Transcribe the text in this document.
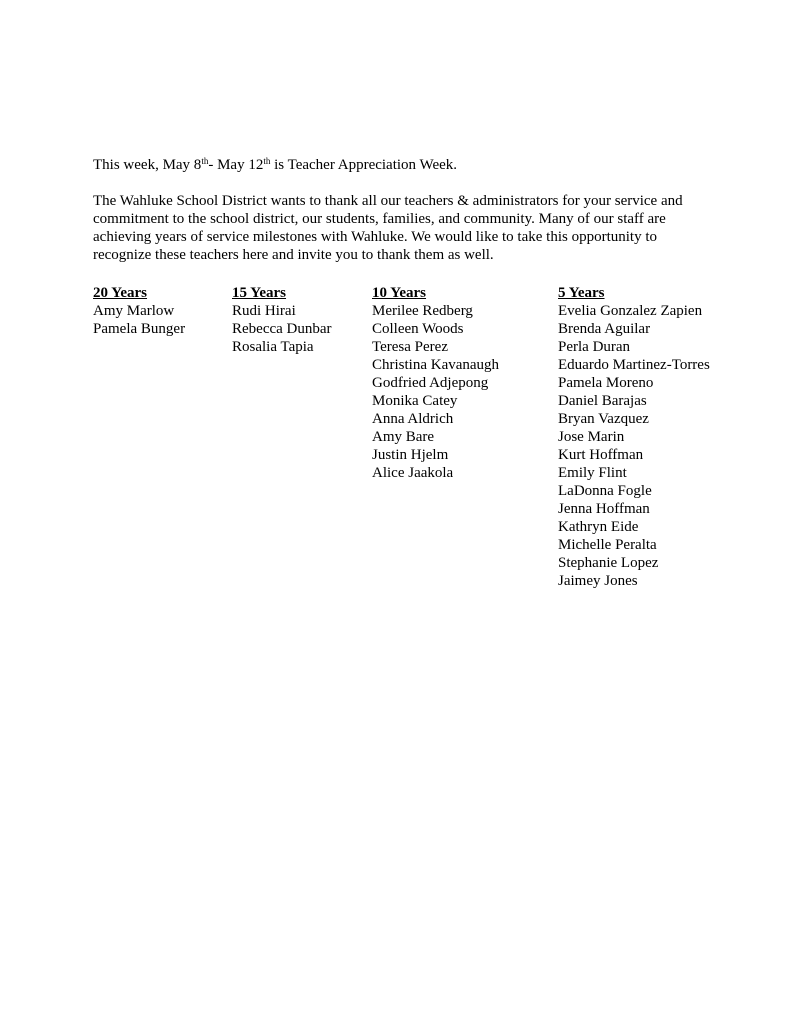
This week, May 8th- May 12th is Teacher Appreciation Week.

The Wahluke School District wants to thank all our teachers & administrators for your service and
commitment to the school district, our students, families, and community. Many of our staff are
achieving years of service milestones with Wahluke. We would like to take this opportunity to
recognize these teachers here and invite you to thank them as well.

20 Years
Amy Marlow
Pamela Bunger
15 Years
Rudi Hirai
Rebecca Dunbar
Rosalia Tapia
10 Years
Merilee Redberg
Colleen Woods
Teresa Perez
Christina Kavanaugh
Godfried Adjepong
Monika Catey
Anna Aldrich
Amy Bare
Justin Hjelm
Alice Jaakola
5 Years
Evelia Gonzalez Zapien
Brenda Aguilar
Perla Duran
Eduardo Martinez-Torres
Pamela Moreno
Daniel Barajas
Bryan Vazquez
Jose Marin
Kurt Hoffman
Emily Flint
LaDonna Fogle
Jenna Hoffman
Kathryn Eide
Michelle Peralta
Stephanie Lopez
Jaimey Jones
